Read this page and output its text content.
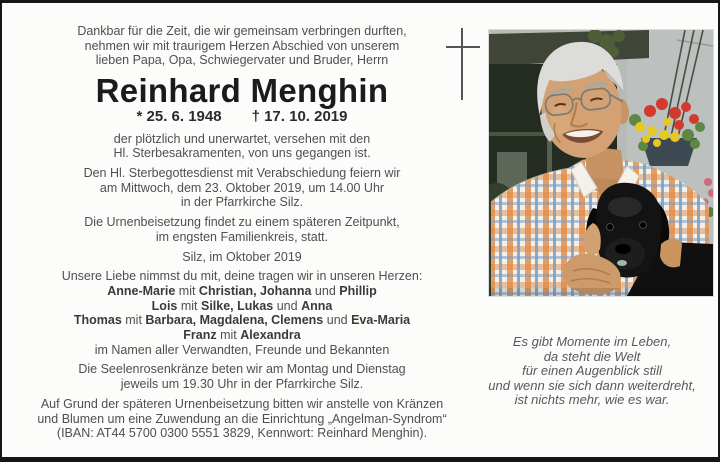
Dankbar für die Zeit, die wir gemeinsam verbringen durften,
nehmen wir mit traurigem Herzen Abschied von unserem
lieben Papa, Opa, Schwiegervater und Bruder, Herrn
Reinhard Menghin
* 25. 6. 1948 † 17. 10. 2019
der plötzlich und unerwartet, versehen mit den
Hl. Sterbesakramenten, von uns gegangen ist.
Den Hl. Sterbegottesdienst mit Verabschiedung feiern wir
am Mittwoch, dem 23. Oktober 2019, um 14.00 Uhr
in der Pfarrkirche Silz.
Die Urnenbeisetzung findet zu einem späteren Zeitpunkt,
im engsten Familienkreis, statt.
Silz, im Oktober 2019
Unsere Liebe nimmst du mit, deine tragen wir in unseren Herzen:
Anne-Marie mit Christian, Johanna und Phillip
Lois mit Silke, Lukas und Anna
Thomas mit Barbara, Magdalena, Clemens und Eva-Maria
Franz mit Alexandra
im Namen aller Verwandten, Freunde und Bekannten
Die Seelenrosenkränze beten wir am Montag und Dienstag
jeweils um 19.30 Uhr in der Pfarrkirche Silz.
Auf Grund der späteren Urnenbeisetzung bitten wir anstelle von Kränzen
und Blumen um eine Zuwendung an die Einrichtung „Angelman-Syndrom“
(IBAN: AT44 5700 0300 5551 3829, Kennwort: Reinhard Menghin).
Es gibt Momente im Leben,
da steht die Welt
für einen Augenblick still
und wenn sie sich dann weiterdreht,
ist nichts mehr, wie es war.
